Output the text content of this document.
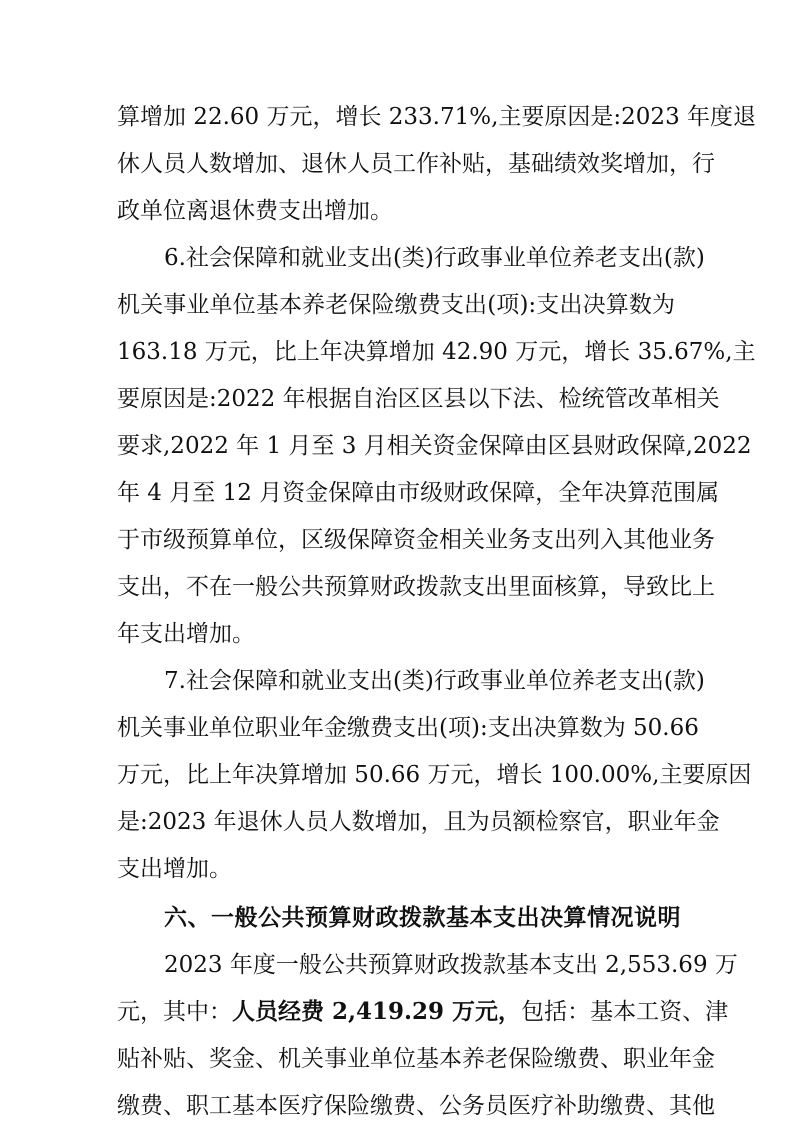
算增加 22.60 万元，增长 233.71%,主要原因是:2023 年度退
休人员人数增加、退休人员工作补贴，基础绩效奖增加，行
政单位离退休费支出增加。
6.社会保障和就业支出(类)行政事业单位养老支出(款)
机关事业单位基本养老保险缴费支出(项):支出决算数为
163.18 万元，比上年决算增加 42.90 万元，增长 35.67%,主
要原因是:2022 年根据自治区区县以下法、检统管改革相关
要求,2022 年 1 月至 3 月相关资金保障由区县财政保障,2022
年 4 月至 12 月资金保障由市级财政保障，全年决算范围属
于市级预算单位，区级保障资金相关业务支出列入其他业务
支出，不在一般公共预算财政拨款支出里面核算，导致比上
年支出增加。
7.社会保障和就业支出(类)行政事业单位养老支出(款)
机关事业单位职业年金缴费支出(项):支出决算数为 50.66
万元，比上年决算增加 50.66 万元，增长 100.00%,主要原因
是:2023 年退休人员人数增加，且为员额检察官，职业年金
支出增加。
六、一般公共预算财政拨款基本支出决算情况说明
2023 年度一般公共预算财政拨款基本支出 2,553.69 万
元，其中：人员经费 2,419.29 万元，包括：基本工资、津
贴补贴、奖金、机关事业单位基本养老保险缴费、职业年金
缴费、职工基本医疗保险缴费、公务员医疗补助缴费、其他
